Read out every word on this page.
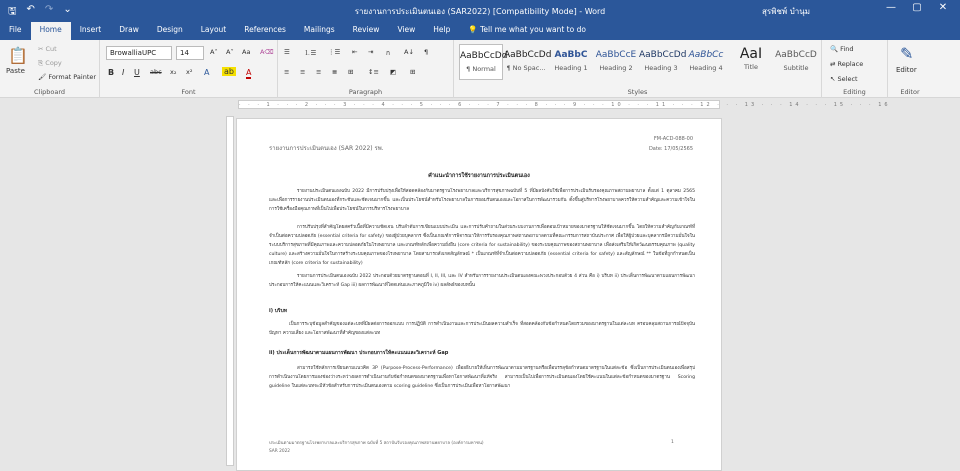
🖫 ↶ ↷ ⌄	รายงานการประเมินตนเอง (SAR2022) [Compatibility Mode] - Word	สุรพิชพ์ บำนุม	—	▢	✕
File	Home	Insert	Draw	Design	Layout	References	Mailings	Review	View	Help	💡 Tell me what you want to do
📋
Paste
✂ Cut
⎘ Copy
🖌 Format Painter
Clipboard
BrowalliaUPC	14	A˄ A˅ Aa A⌫
B I U abc x₂ x² A ab A
Font
☰ ⒈☰ ⋮☰ ⇤ ⇥ ก A↓ ¶
≡ ≡ ≡ ≣ ⊞ ↕≡ ◩ ⊞
Paragraph
AaBbCcDd
¶ Normal
AaBbCcDd
¶ No Spac...
AaBbC
Heading 1
AaBbCcE
Heading 2
AaBbCcDd
Heading 3
AaBbCc
Heading 4
AaI
Title
AaBbCcD
Subtitle
Styles
🔍 Find
⇄ Replace
↖ Select
Editing
✎
Editor
Editor
· · · 1 · · · 2 · · · 3 · · · 4 · · · 5 · · · 6 · · · 7 · · · 8 · · · 9 · · · 10 · · · 11 · · · 12 · · · 13 · · · 14 · · · 15 · · · 16
FM-ACD-088-00
Date: 17/05/2565
รายงานการประเมินตนเอง (SAR 2022) รพ.
คำแนะนำการใช้รายงานการประเมินตนเอง
รายงานประเมินตนเองฉบับ 2022 มีการปรับปรุงเพื่อให้สอดคล้องกับมาตรฐานโรงพยาบาลและบริการสุขภาพฉบับที่ 5 ที่มีผลบังคับใช้เพื่อการประเมินรับรองคุณภาพสถานพยาบาล ตั้งแต่ 1 ตุลาคม 2565 และเพื่อการรายงานประเมินตนเองที่กระชับและชัดเจนมากขึ้น และเป็นประโยชน์สำหรับโรงพยาบาลในการยอมรับตนเองและโอกาสในการพัฒนารวมกัน ตั้งขึ้นสู่บริหารโรงพยาบาลควรให้ความสำคัญและความเข้าใจในการใช้เครื่องมือคุณภาพที่เป็นไปเพื่อประโยชน์ในการบริหารโรงพยาบาล
การปรับปรุงที่สำคัญโดยสครัวเนื้อที่มีความชัดเจน ปรับลำดับการเขียนแบบประเมิน และการปรับคำถามในส่วนระบบงานการเพื่อตอบเป้าหมายของมาตรฐานให้ชัดเจนมากขึ้น โดยให้ความสำคัญกับเกณฑ์ที่จำเป็นต่อความปลอดภัย (essential criteria for safety) ของผู้ป่วยบุคลากร ซึ่งเป็นเกณฑ์การพิจารณาให้การรับรองคุณภาพสถานพยาบาลตามที่คณะกรรมการสถาบันประกาศ เพื่อให้ผู้ป่วยและบุคลากรมีความมั่นใจในระบบบริการสุขภาพที่มีคุณภาพและความปลอดภัยในโรงพยาบาล และเกณฑ์หลักเพื่อความยั่งยืน (core criteria for sustainability) ของระบบคุณภาพของสถานพยาบาล เพื่อส่งเสริมให้เกิดวัฒนธรรมคุณภาพ (quality culture) และสร้างความมั่นใจในการสร้างระบบคุณภาพของโรงพยาบาล โดยสามารถสังเกตสัญลักษณ์ * เป็นเกณฑ์ที่จำเป็นต่อความปลอดภัย (essential criteria for safety) และสัญลักษณ์ ** ในข้อที่ถูกกำหนดเป็นเกณฑ์หลัก (core criteria for sustainability)
รายงานการประเมินตนเองฉบับ 2022 ประกอบด้วยมาตรฐานตอนที่ I, II, III, และ IV สำหรับการรายงานประเมินตนเองคณะพวงประกอบด้วย 4 ส่วน คือ i) บริบท ii) ประเด็นการพัฒนาตามแผนการพัฒนา ประกอบการให้คะแนนและวิเคราะห์ Gap iii) ผลการพัฒนาที่โดดเด่นและภาคภูมิใจ iv) ผลลัพธ์ของบทนั้น
i) บริบท
เป็นการระบุข้อมูลสำคัญของแต่ละบทที่มีผลต่อการออกแบบ การปฏิบัติ การดำเนินงานและการประเมินผลความสำเร็จ ที่สอดคล้องกับข้อกำหนดโดยรวมของมาตรฐานในแต่ละบท ครอบคลุมสถานการณ์ปัจจุบัน ปัญหา ความเสี่ยง และโอกาสพัฒนาที่สำคัญของแต่ละบท
ii) ประเด็นการพัฒนาตามแผนการพัฒนา ประกอบการให้คะแนนและวิเคราะห์ Gap
สามารถใช้หลักการเขียนตามแนวคิด 3P (Purpose-Process-Performance) เพื่ออธิบายให้เห็นการพัฒนาตามมาตรฐานหรือเพื่อบรรลุข้อกำหนดมาตรฐานในแต่ละข้อ ซึ่งเป็นการประเมินตนเองเพื่อสรุปการดำเนินงานโดยการมองช่องว่างระหว่างผลการดำเนินงานกับข้อกำหนดของมาตรฐานเพื่อหาโอกาสพัฒนาที่แท้จริง สามารถเป็นไปเพื่อการประเมินตนเองโดยใช้คะแนนในแต่ละข้อกำหนดของมาตรฐาน Scoring guideline ในแต่ละบทจะมีหัวข้อสำหรับการประเมินตนเองตาม scoring guideline ซึ่งเป็นการประเมินเพื่อหาโอกาสพัฒนา
ประเมินตามมาตรฐานโรงพยาบาลและบริการสุขภาพ ฉบับที่ 5 สถาบันรับรองคุณภาพสถานพยาบาล (องค์การมหาชน)
SAR 2022
1
